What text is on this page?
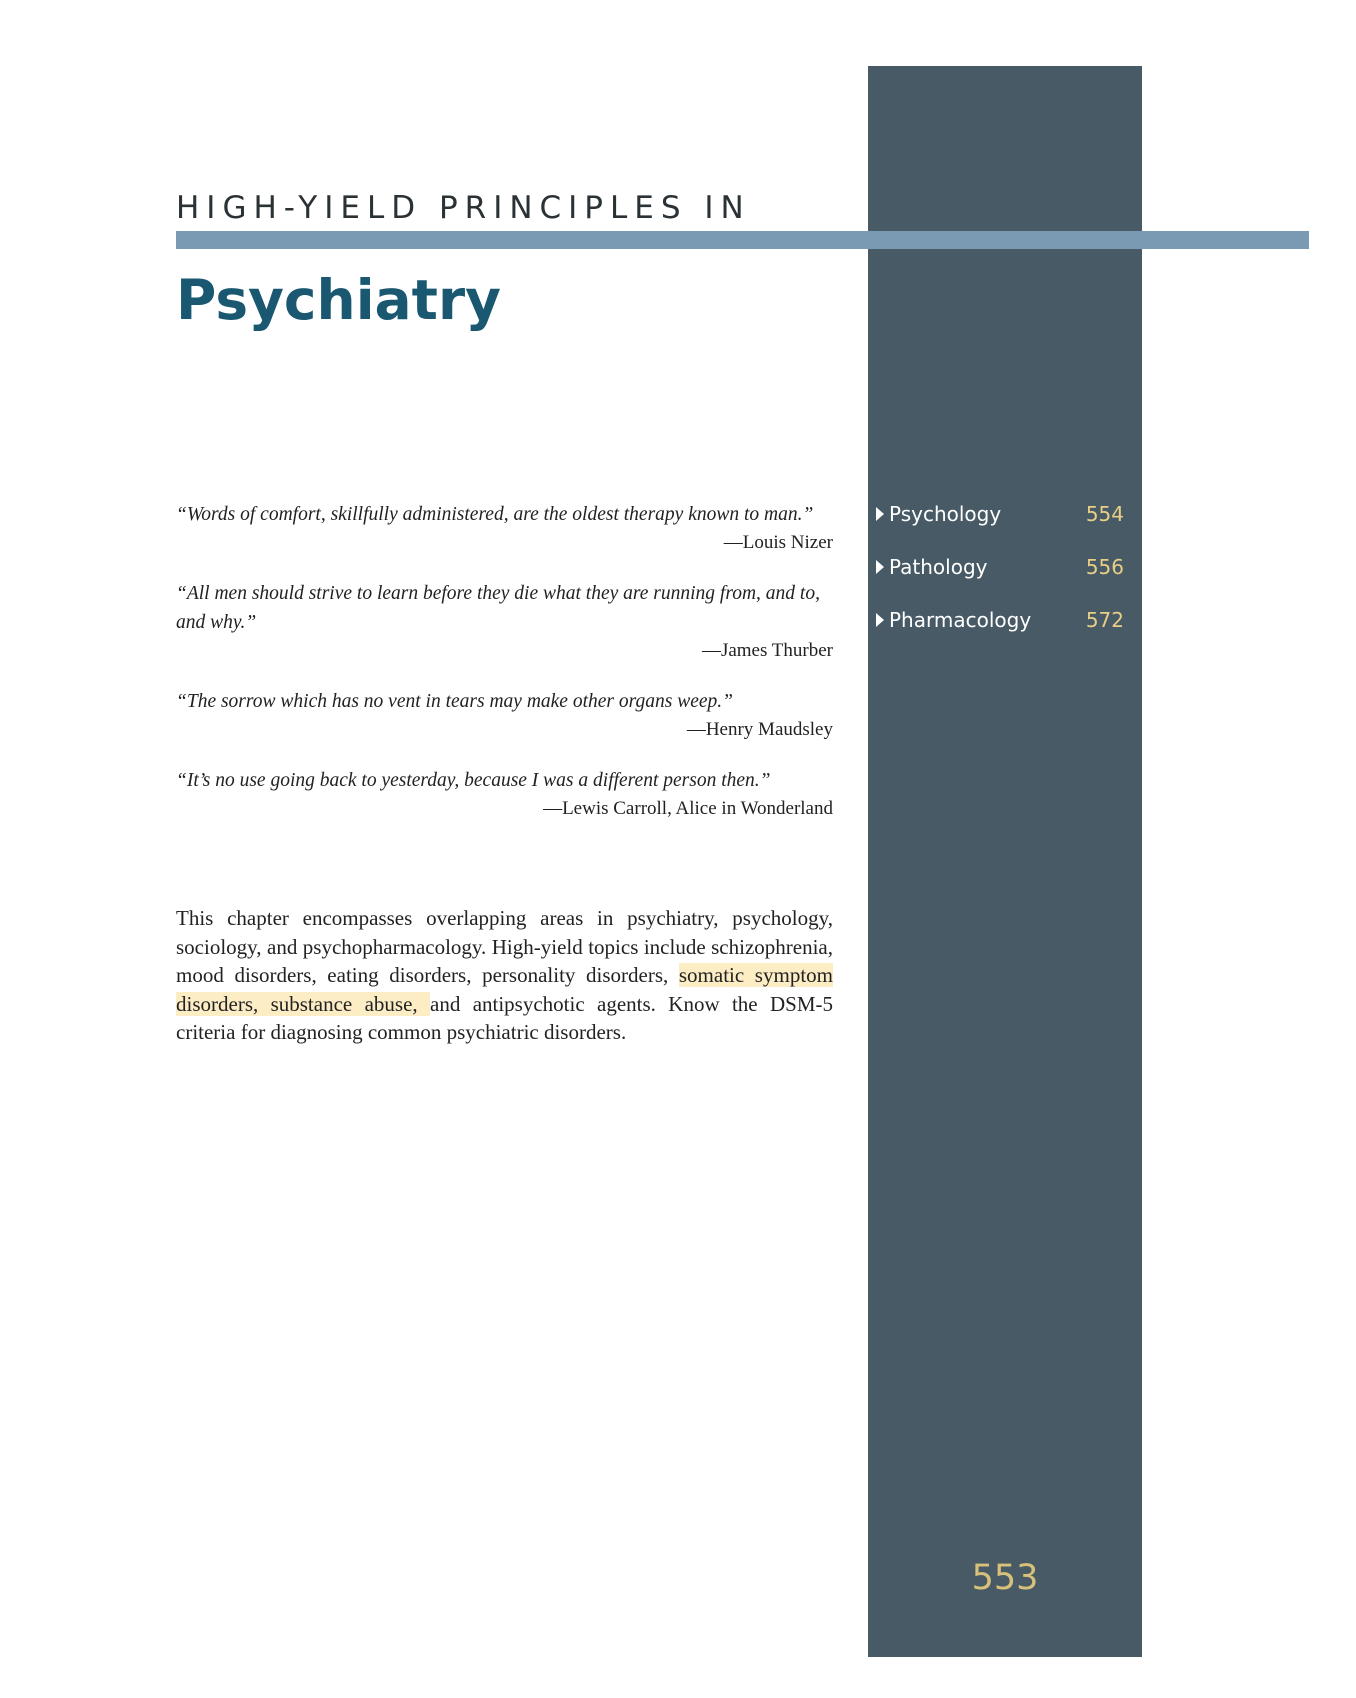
HIGH-YIELD PRINCIPLES IN
Psychiatry
“Words of comfort, skillfully administered, are the oldest therapy known to man.”
—Louis Nizer
“All men should strive to learn before they die what they are running from, and to, and why.”
—James Thurber
“The sorrow which has no vent in tears may make other organs weep.”
—Henry Maudsley
“It’s no use going back to yesterday, because I was a different person then.”
—Lewis Carroll, Alice in Wonderland
This chapter encompasses overlapping areas in psychiatry, psychology, sociology, and psychopharmacology. High-yield topics include schizophrenia, mood disorders, eating disorders, personality disorders, somatic symptom disorders, substance abuse, and antipsychotic agents. Know the DSM-5 criteria for diagnosing common psychiatric disorders.
Psychology	554
Pathology	556
Pharmacology	572
553
